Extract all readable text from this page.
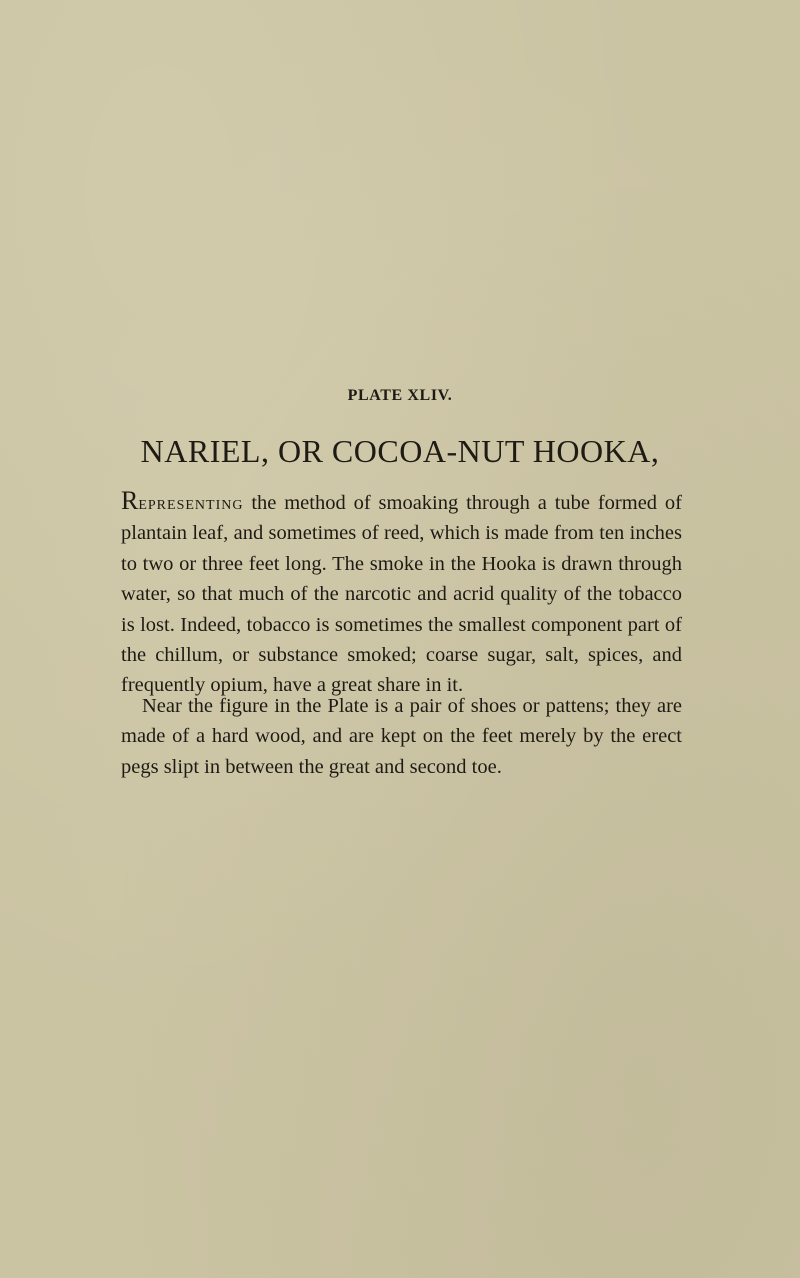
PLATE XLIV.

NARIEL, OR COCOA-NUT HOOKA,

Representing the method of smoaking through a tube formed of plantain leaf, and sometimes of reed, which is made from ten inches to two or three feet long. The smoke in the Hooka is drawn through water, so that much of the narcotic and acrid quality of the tobacco is lost. Indeed, tobacco is sometimes the smallest component part of the chillum, or substance smoked; coarse sugar, salt, spices, and frequently opium, have a great share in it.

Near the figure in the Plate is a pair of shoes or pattens; they are made of a hard wood, and are kept on the feet merely by the erect pegs slipt in between the great and second toe.
